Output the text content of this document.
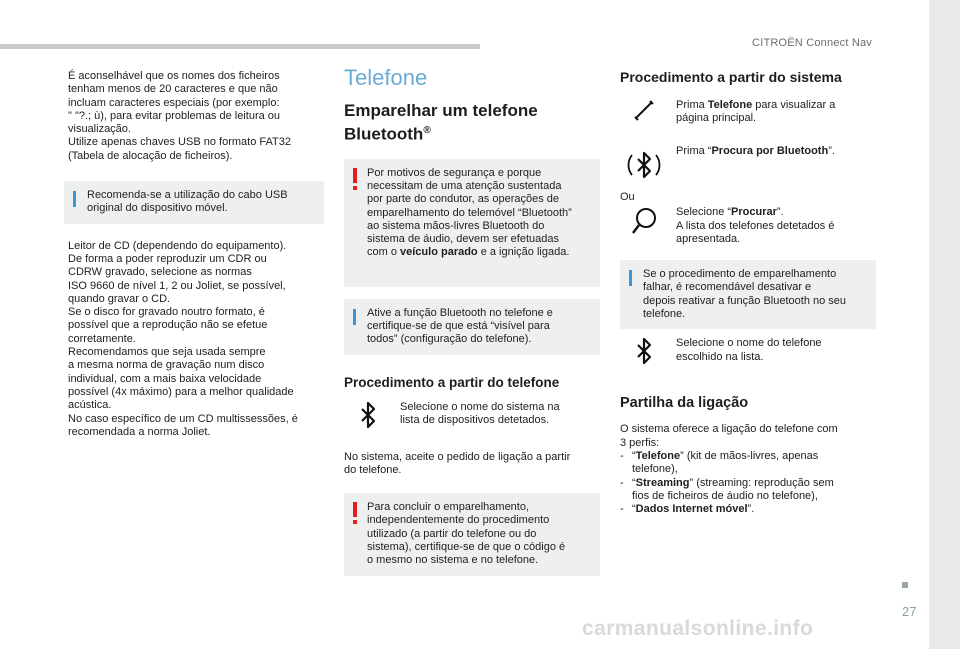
CITROËN Connect Nav

É aconselhável que os nomes dos ficheiros
tenham menos de 20 caracteres e que não
incluam caracteres especiais (por exemplo:
" "?.; ù), para evitar problemas de leitura ou
visualização.
Utilize apenas chaves USB no formato FAT32
(Tabela de alocação de ficheiros).

Recomenda-se a utilização do cabo USB
original do dispositivo móvel.

Leitor de CD (dependendo do equipamento).
De forma a poder reproduzir um CDR ou
CDRW gravado, selecione as normas
ISO 9660 de nível 1, 2 ou Joliet, se possível,
quando gravar o CD.
Se o disco for gravado noutro formato, é
possível que a reprodução não se efetue
corretamente.
Recomendamos que seja usada sempre
a mesma norma de gravação num disco
individual, com a mais baixa velocidade
possível (4x máximo) para a melhor qualidade
acústica.
No caso específico de um CD multissessões, é
recomendada a norma Joliet.

Telefone
Emparelhar um telefone
Bluetooth®

Por motivos de segurança e porque
necessitam de uma atenção sustentada
por parte do condutor, as operações de
emparelhamento do telemóvel “Bluetooth”
ao sistema mãos-livres Bluetooth do
sistema de áudio, devem ser efetuadas
com o veículo parado e a ignição ligada.

Ative a função Bluetooth no telefone e
certifique-se de que está “visível para
todos” (configuração do telefone).

Procedimento a partir do telefone

Selecione o nome do sistema na
lista de dispositivos detetados.

No sistema, aceite o pedido de ligação a partir
do telefone.

Para concluir o emparelhamento,
independentemente do procedimento
utilizado (a partir do telefone ou do
sistema), certifique-se de que o código é
o mesmo no sistema e no telefone.

Procedimento a partir do sistema

Prima Telefone para visualizar a
página principal.

Prima “Procura por Bluetooth”.

Ou

Selecione “Procurar”.
A lista dos telefones detetados é
apresentada.

Se o procedimento de emparelhamento
falhar, é recomendável desativar e
depois reativar a função Bluetooth no seu
telefone.

Selecione o nome do telefone
escolhido na lista.

Partilha da ligação

O sistema oferece a ligação do telefone com
3 perfis:

- “Telefone” (kit de mãos-livres, apenas
telefone),
- “Streaming” (streaming: reprodução sem
fios de ficheiros de áudio no telefone),
- “Dados Internet móvel”.
27
carmanualsonline.info
